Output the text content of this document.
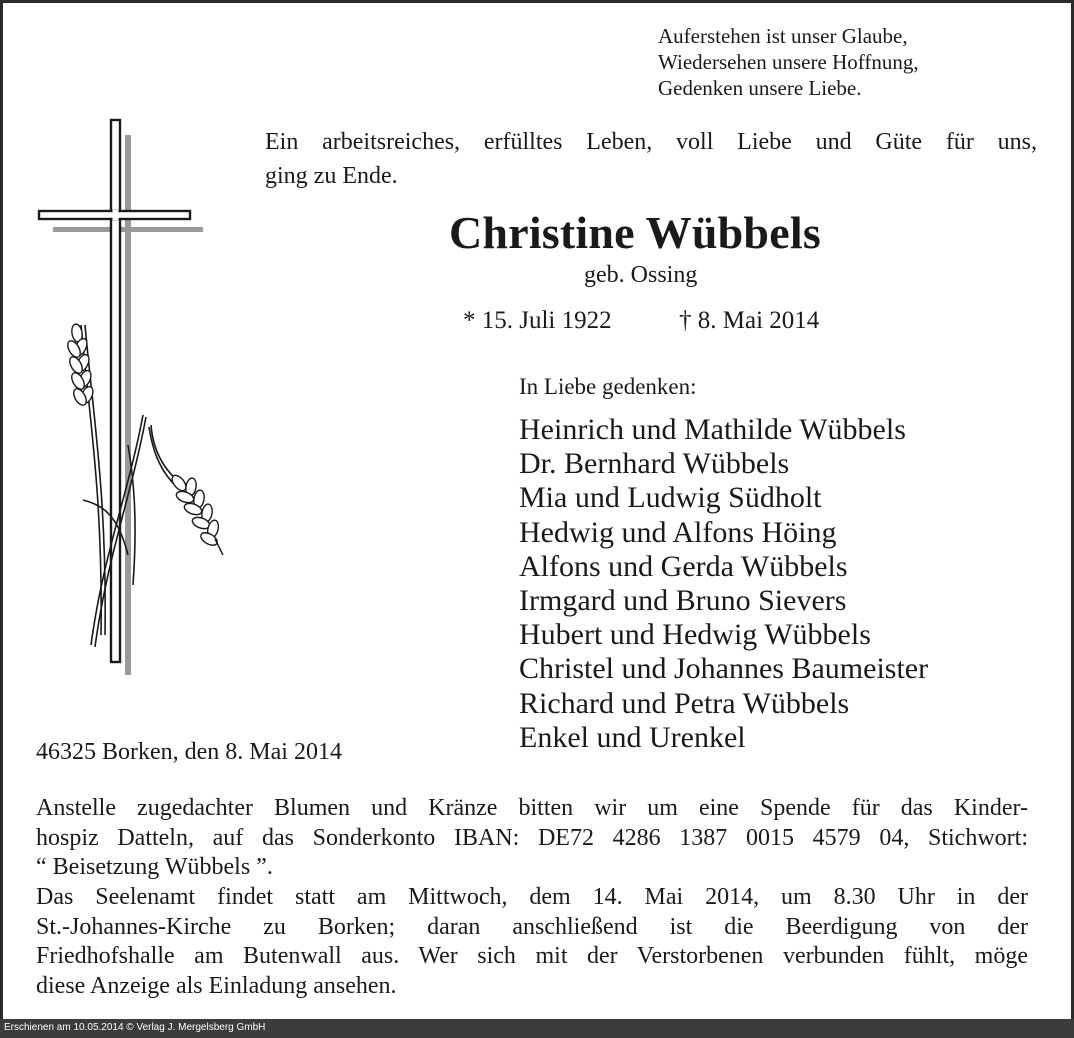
Auferstehen ist unser Glaube,
Wiedersehen unsere Hoffnung,
Gedenken unsere Liebe.
Ein arbeitsreiches, erfülltes Leben, voll Liebe und Güte für uns,
ging zu Ende.
Christine Wübbels
geb. Ossing
* 15. Juli 1922	† 8. Mai 2014
In Liebe gedenken:
Heinrich und Mathilde Wübbels
Dr. Bernhard Wübbels
Mia und Ludwig Südholt
Hedwig und Alfons Höing
Alfons und Gerda Wübbels
Irmgard und Bruno Sievers
Hubert und Hedwig Wübbels
Christel und Johannes Baumeister
Richard und Petra Wübbels
Enkel und Urenkel
46325 Borken, den 8. Mai 2014
Anstelle zugedachter Blumen und Kränze bitten wir um eine Spende für das Kinder-
hospiz Datteln, auf das Sonderkonto IBAN: DE72 4286 1387 0015 4579 04, Stichwort:
“ Beisetzung Wübbels ”.
Das Seelenamt findet statt am Mittwoch, dem 14. Mai 2014, um 8.30 Uhr in der
St.-Johannes-Kirche zu Borken; daran anschließend ist die Beerdigung von der
Friedhofshalle am Butenwall aus. Wer sich mit der Verstorbenen verbunden fühlt, möge
diese Anzeige als Einladung ansehen.
Erschienen am 10.05.2014 © Verlag J. Mergelsberg GmbH
